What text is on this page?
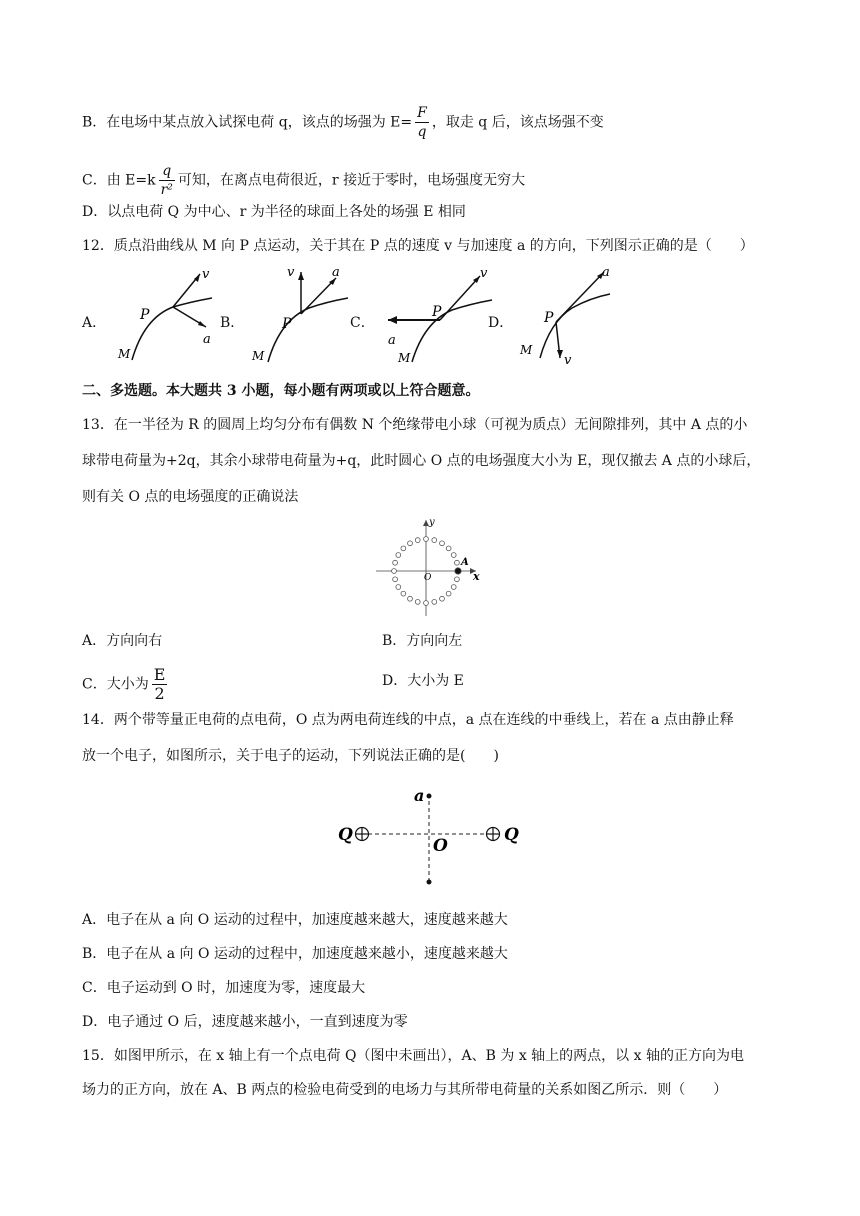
B．在电场中某点放入试探电荷 q，该点的场强为 $E= \frac{F}{q}$ ，取走 q 后，该点场强不变
C．由 $E=k \frac{q}{\text{r²}}$ 可知，在离点电荷很近，r 接近于零时，电场强度无穷大
D．以点电荷 Q 为中心、r 为半径的球面上各处的场强 E 相同
12．质点沿曲线从 M 向 P 点运动，关于其在 P 点的速度 v 与加速度 a 的方向，下列图示正确的是（　　）
A． P
v
a
M
B．	P
v	a
M
C．
P
v
a
M
D． P
a
v
M
二、多选题。本大题共 3 小题，每小题有两项或以上符合题意。
13．在一半径为 R 的圆周上均匀分布有偶数 N 个绝缘带电小球（可视为质点）无间隙排列，其中 A 点的小
球带电荷量为+2q，其余小球带电荷量为+q，此时圆心 O 点的电场强度大小为 E，现仅撤去 A 点的小球后，
则有关 O 点的电场强度的正确说法
y
x
O
A
A．方向向右	B．方向向左
C．大小为 $\frac{E}{2}$	D．大小为 E
14．两个带等量正电荷的点电荷，O 点为两电荷连线的中点，a 点在连线的中垂线上，若在 a 点由静止释
放一个电子，如图所示，关于电子的运动，下列说法正确的是(　　)
a
O
Q	Q
A．电子在从 a 向 O 运动的过程中，加速度越来越大，速度越来越大
B．电子在从 a 向 O 运动的过程中，加速度越来越小，速度越来越大
C．电子运动到 O 时，加速度为零，速度最大
D．电子通过 O 后，速度越来越小，一直到速度为零
15．如图甲所示，在 x 轴上有一个点电荷 Q（图中未画出），A、B 为 x 轴上的两点，以 x 轴的正方向为电
场力的正方向，放在 A、B 两点的检验电荷受到的电场力与其所带电荷量的关系如图乙所示．则（　　）
